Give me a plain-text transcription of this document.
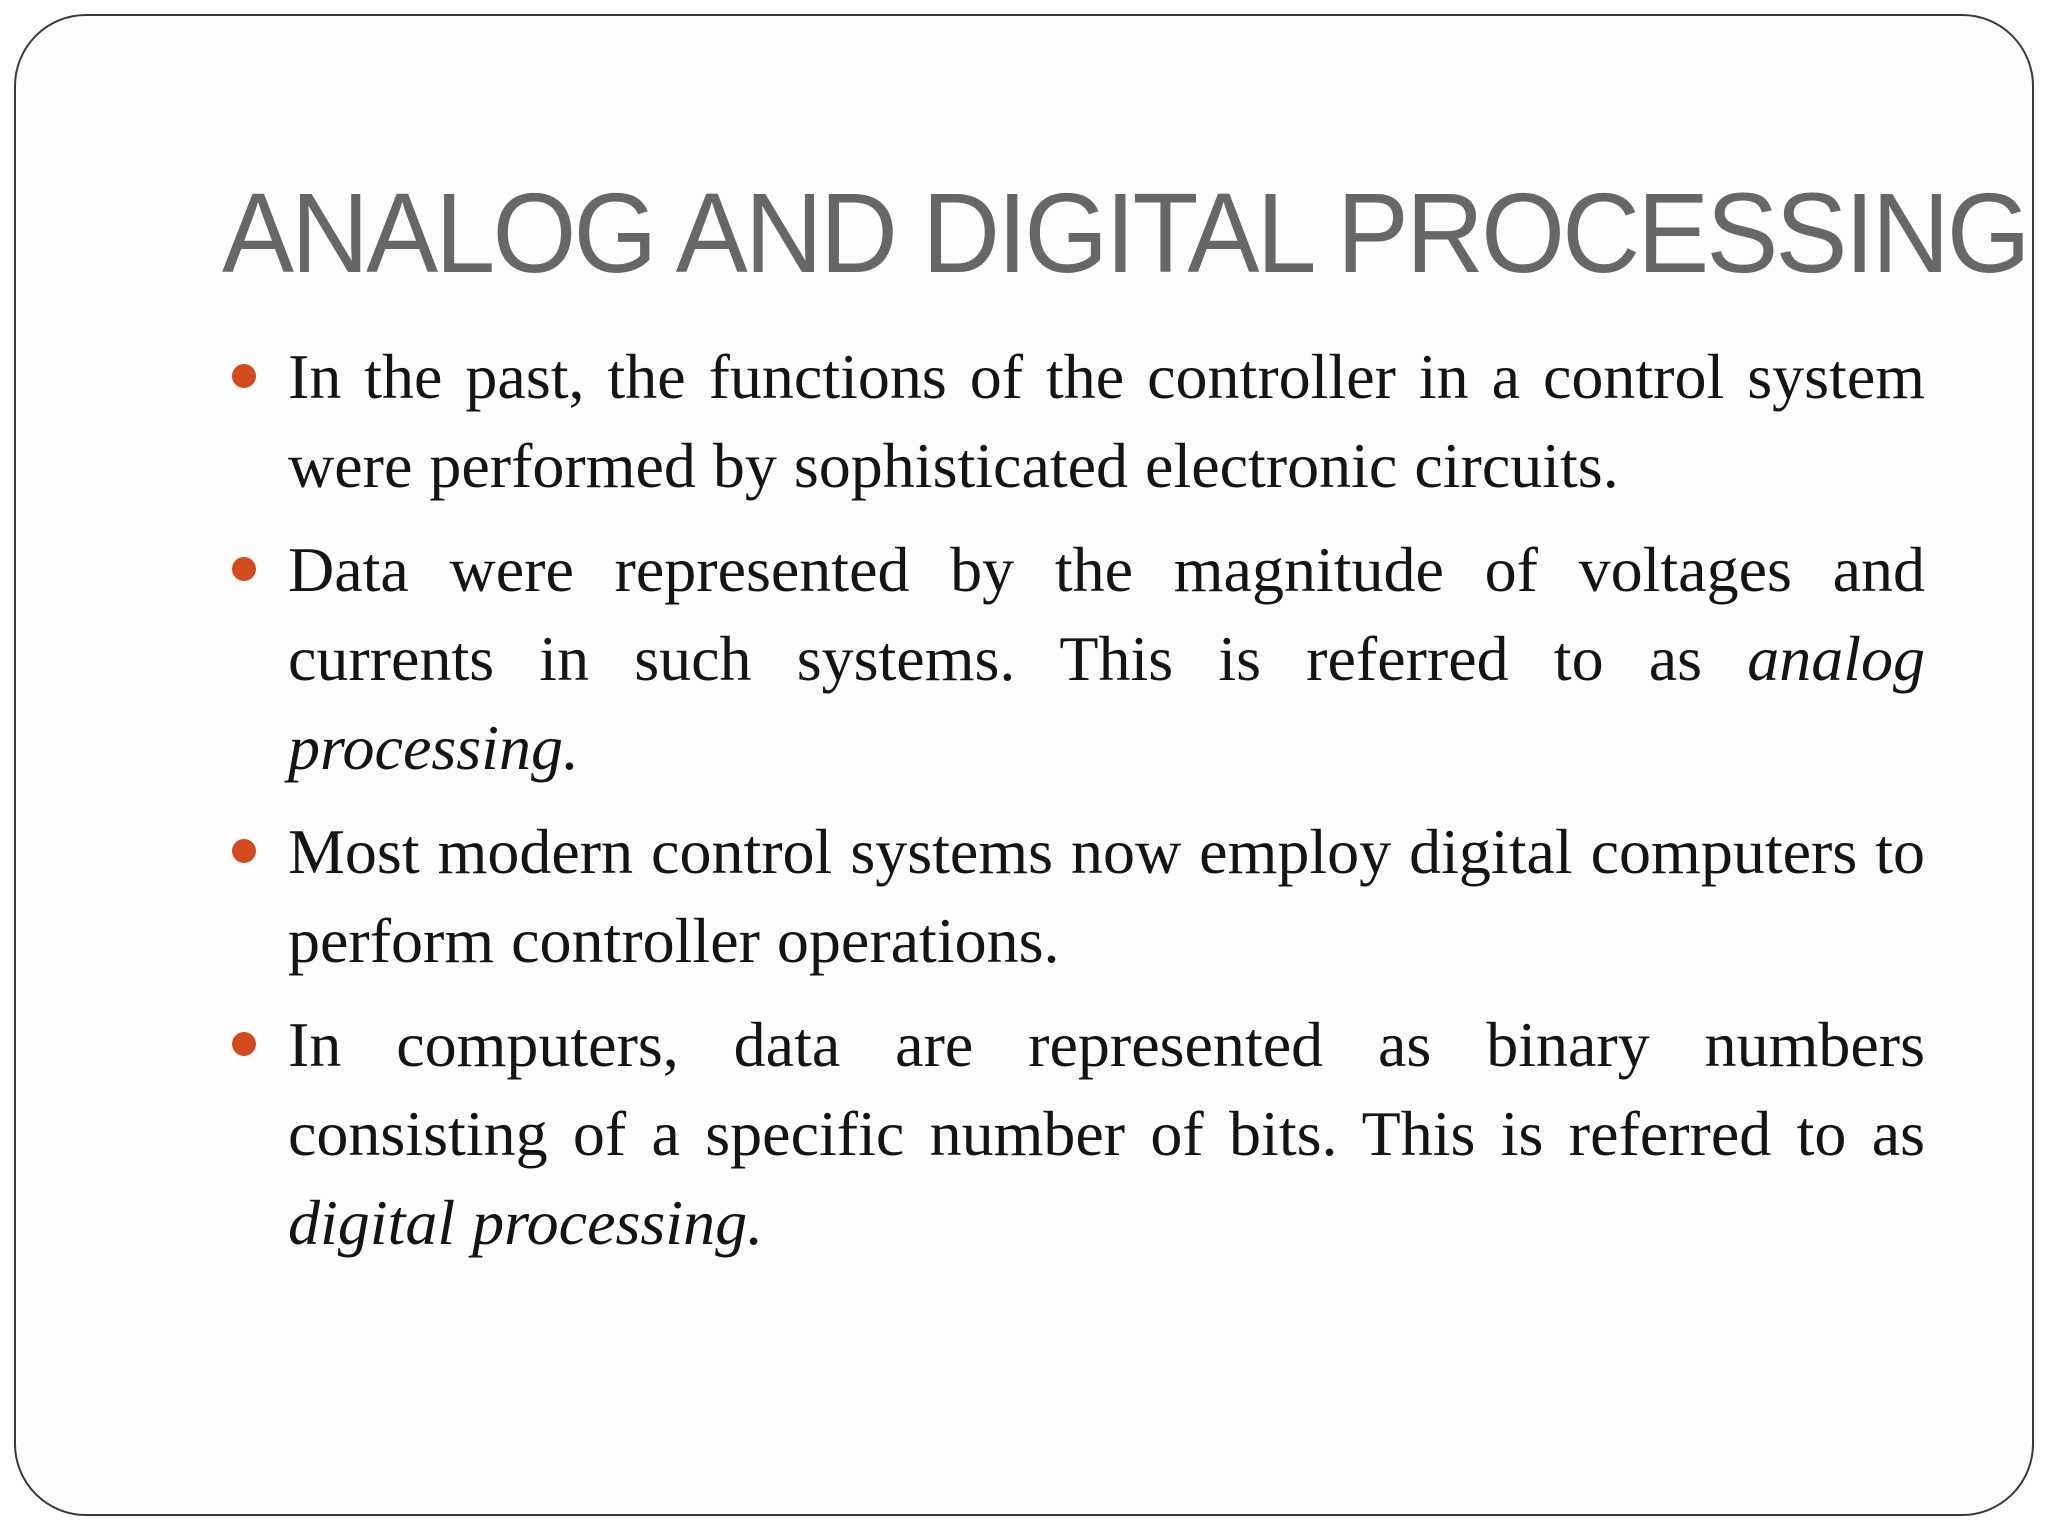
ANALOG AND DIGITAL PROCESSING
In the past, the functions of the controller in a control system were performed by sophisticated electronic circuits.
Data were represented by the magnitude of voltages and currents in such systems. This is referred to as analog processing.
Most modern control systems now employ digital computers to perform controller operations.
In computers, data are represented as binary numbers consisting of a specific number of bits. This is referred to as digital processing.
